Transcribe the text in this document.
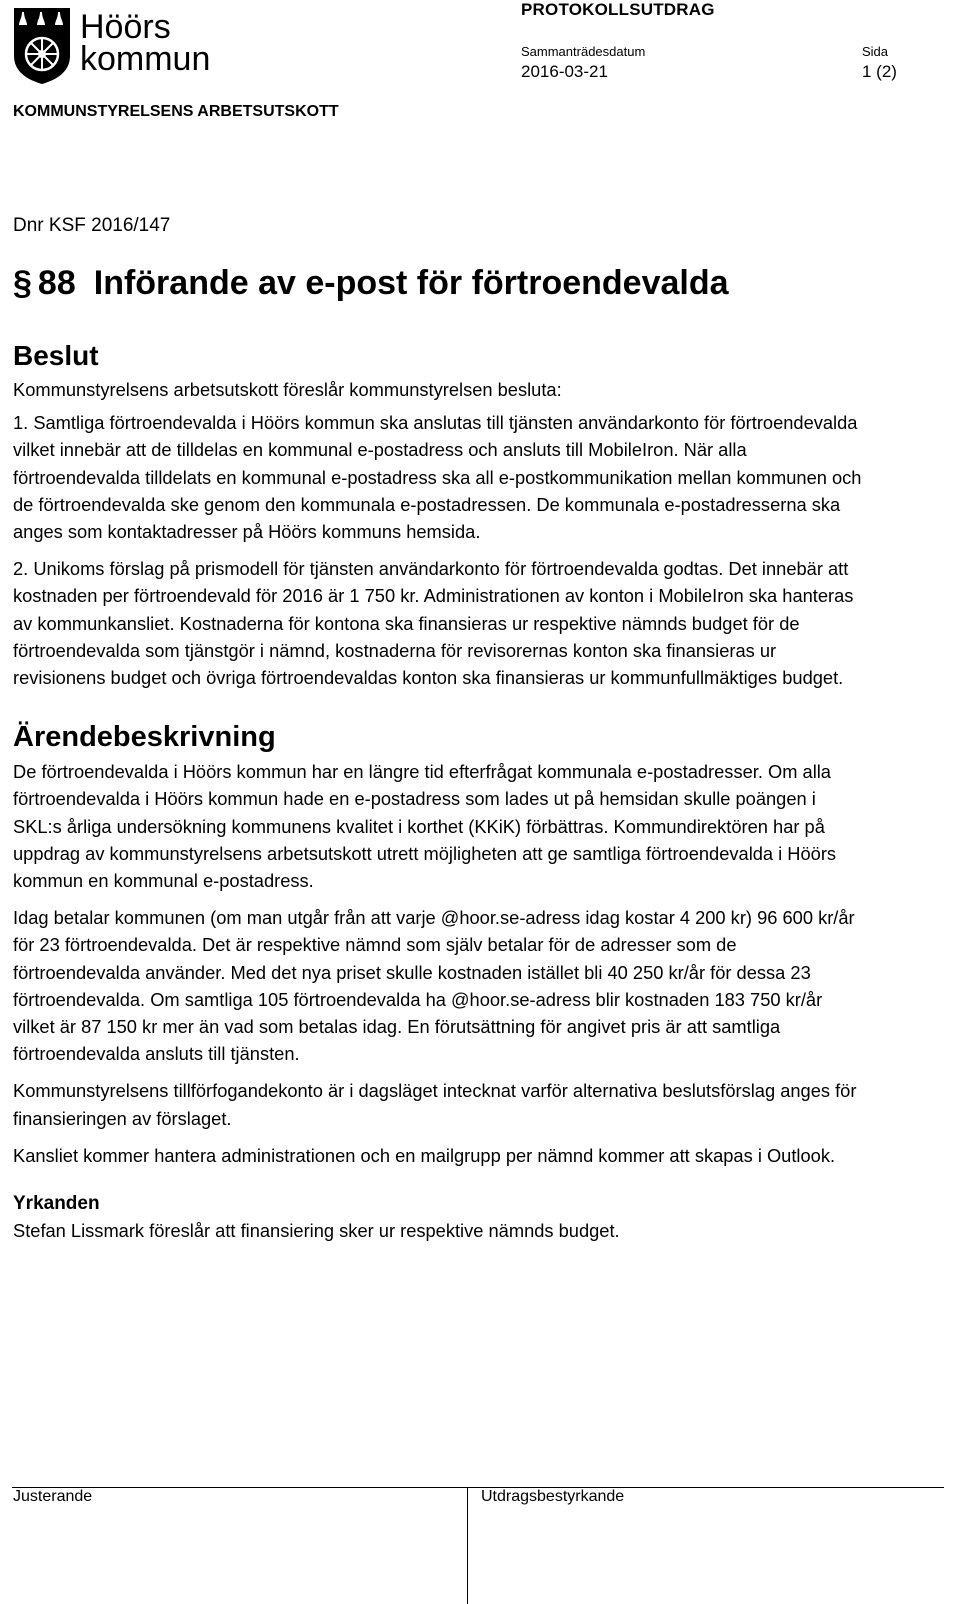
Höörs
kommun
PROTOKOLLSUTDRAG
Sammanträdesdatum	Sida
2016-03-21	1 (2)
KOMMUNSTYRELSENS ARBETSUTSKOTT
Dnr KSF 2016/147
§ 88 Införande av e-post för förtroendevalda
Beslut

Kommunstyrelsens arbetsutskott föreslår kommunstyrelsen besluta:

1. Samtliga förtroendevalda i Höörs kommun ska anslutas till tjänsten användarkonto för förtroendevalda vilket innebär att de tilldelas en kommunal e-postadress och ansluts till MobileIron. När alla förtroendevalda tilldelats en kommunal e-postadress ska all e-postkommunikation mellan kommunen och de förtroendevalda ske genom den kommunala e-postadressen. De kommunala e-postadresserna ska anges som kontaktadresser på Höörs kommuns hemsida.

2. Unikoms förslag på prismodell för tjänsten användarkonto för förtroendevalda godtas. Det innebär att kostnaden per förtroendevald för 2016 är 1 750 kr. Administrationen av konton i MobileIron ska hanteras av kommunkansliet. Kostnaderna för kontona ska finansieras ur respektive nämnds budget för de förtroendevalda som tjänstgör i nämnd, kostnaderna för revisorernas konton ska finansieras ur revisionens budget och övriga förtroendevaldas konton ska finansieras ur kommunfullmäktiges budget.

Ärendebeskrivning

De förtroendevalda i Höörs kommun har en längre tid efterfrågat kommunala e-postadresser. Om alla förtroendevalda i Höörs kommun hade en e-postadress som lades ut på hemsidan skulle poängen i SKL:s årliga undersökning kommunens kvalitet i korthet (KKiK) förbättras. Kommundirektören har på uppdrag av kommunstyrelsens arbetsutskott utrett möjligheten att ge samtliga förtroendevalda i Höörs kommun en kommunal e-postadress.

Idag betalar kommunen (om man utgår från att varje @hoor.se-adress idag kostar 4 200 kr) 96 600 kr/år för 23 förtroendevalda. Det är respektive nämnd som själv betalar för de adresser som de förtroendevalda använder. Med det nya priset skulle kostnaden istället bli 40 250 kr/år för dessa 23 förtroendevalda. Om samtliga 105 förtroendevalda ha @hoor.se-adress blir kostnaden 183 750 kr/år vilket är 87 150 kr mer än vad som betalas idag. En förutsättning för angivet pris är att samtliga förtroendevalda ansluts till tjänsten.

Kommunstyrelsens tillförfogandekonto är i dagsläget intecknat varför alternativa beslutsförslag anges för finansieringen av förslaget.

Kansliet kommer hantera administrationen och en mailgrupp per nämnd kommer att skapas i Outlook.

Yrkanden

Stefan Lissmark föreslår att finansiering sker ur respektive nämnds budget.

Justerande	Utdragsbestyrkande
